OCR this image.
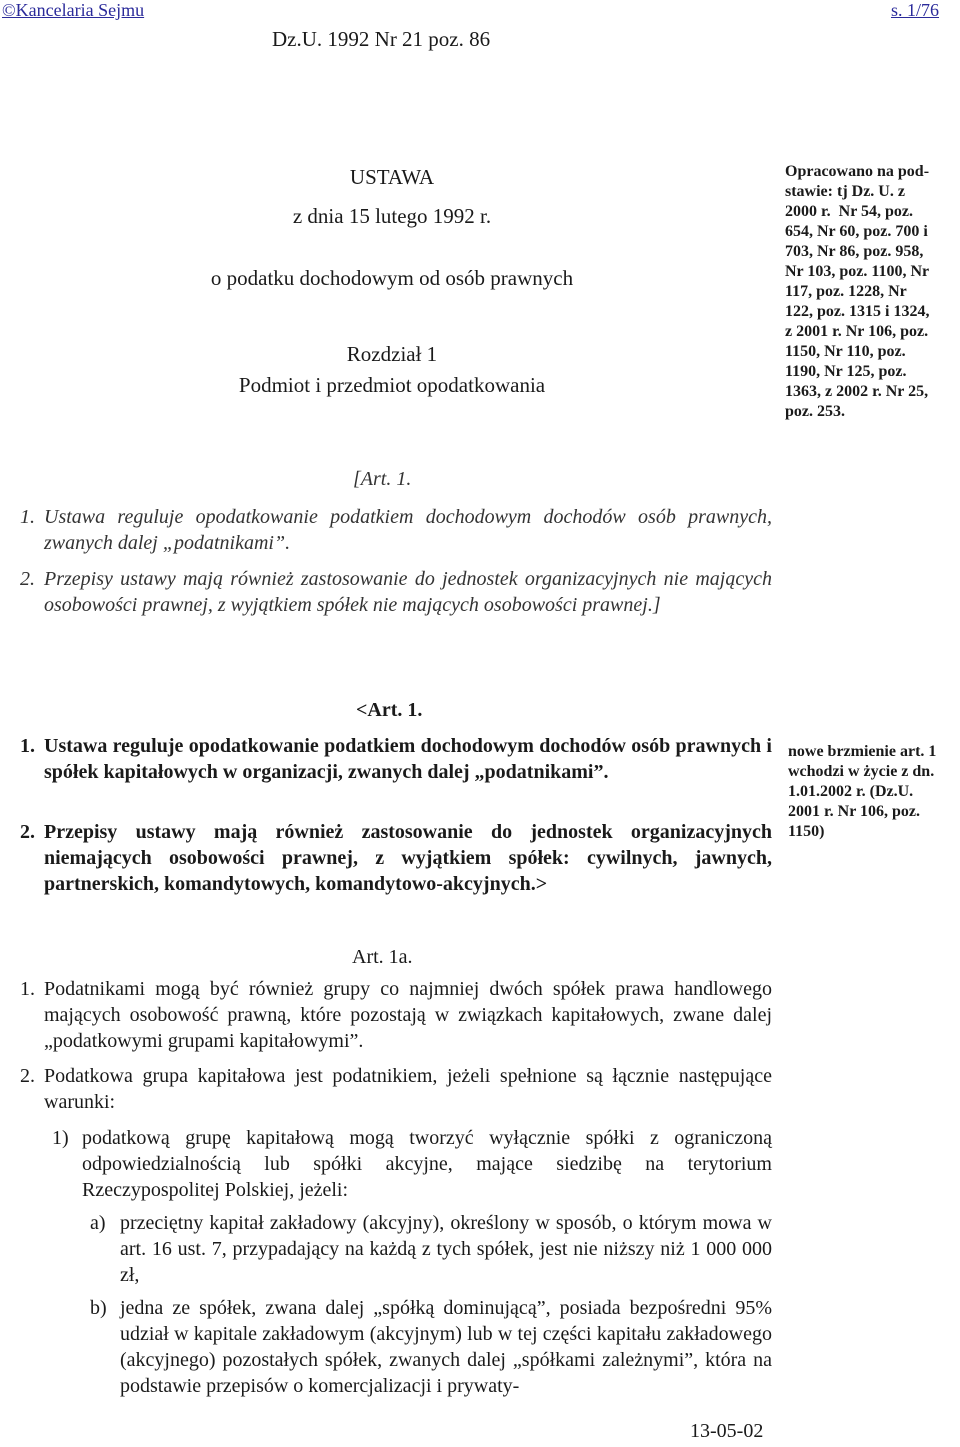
©Kancelaria Sejmu	s. 1/76
Dz.U. 1992 Nr 21 poz. 86
USTAWA
z dnia 15 lutego 1992 r.
o podatku dochodowym od osób prawnych
Rozdział 1
Podmiot i przedmiot opodatkowania
Opracowano na pod-
stawie: tj Dz. U. z
2000 r.  Nr 54, poz.
654, Nr 60, poz. 700 i
703, Nr 86, poz. 958,
Nr 103, poz. 1100, Nr
117, poz. 1228, Nr
122, poz. 1315 i 1324,
z 2001 r. Nr 106, poz.
1150, Nr 110, poz.
1190, Nr 125, poz.
1363, z 2002 r. Nr 25,
poz. 253.
[Art. 1.
1. Ustawa reguluje opodatkowanie podatkiem dochodowym dochodów osób prawnych, zwanych dalej „podatnikami”.

2. Przepisy ustawy mają również zastosowanie do jednostek organizacyjnych nie mających osobowości prawnej, z wyjątkiem spółek nie mających osobowości prawnej.]

<Art. 1.
1. Ustawa reguluje opodatkowanie podatkiem dochodowym dochodów osób prawnych i spółek kapitałowych w organizacji, zwanych dalej „podatnikami”.

2. Przepisy ustawy mają również zastosowanie do jednostek organizacyjnych niemających osobowości prawnej, z wyjątkiem spółek: cywilnych, jawnych, partnerskich, komandytowych, komandytowo-akcyjnych.>

nowe brzmienie art. 1
wchodzi w życie z dn.
1.01.2002 r. (Dz.U.
2001 r. Nr 106, poz.
1150)
Art. 1a.
1. Podatnikami mogą być również grupy co najmniej dwóch spółek prawa handlowego mających osobowość prawną, które pozostają w związkach kapitałowych, zwane dalej „podatkowymi grupami kapitałowymi”.

2. Podatkowa grupa kapitałowa jest podatnikiem, jeżeli spełnione są łącznie następujące warunki:

1) podatkową grupę kapitałową mogą tworzyć wyłącznie spółki z ograniczoną odpowiedzialnością lub spółki akcyjne, mające siedzibę na terytorium Rzeczypospolitej Polskiej, jeżeli:

a) przeciętny kapitał zakładowy (akcyjny), określony w sposób, o którym mowa w art. 16 ust. 7, przypadający na każdą z tych spółek, jest nie niższy niż 1 000 000 zł,

b) jedna ze spółek, zwana dalej „spółką dominującą”, posiada bezpośredni 95% udział w kapitale zakładowym (akcyjnym) lub w tej części kapitału zakładowego (akcyjnego) pozostałych spółek, zwanych dalej „spółkami zależnymi”, która na podstawie przepisów o komercjalizacji i prywaty-

13-05-02
